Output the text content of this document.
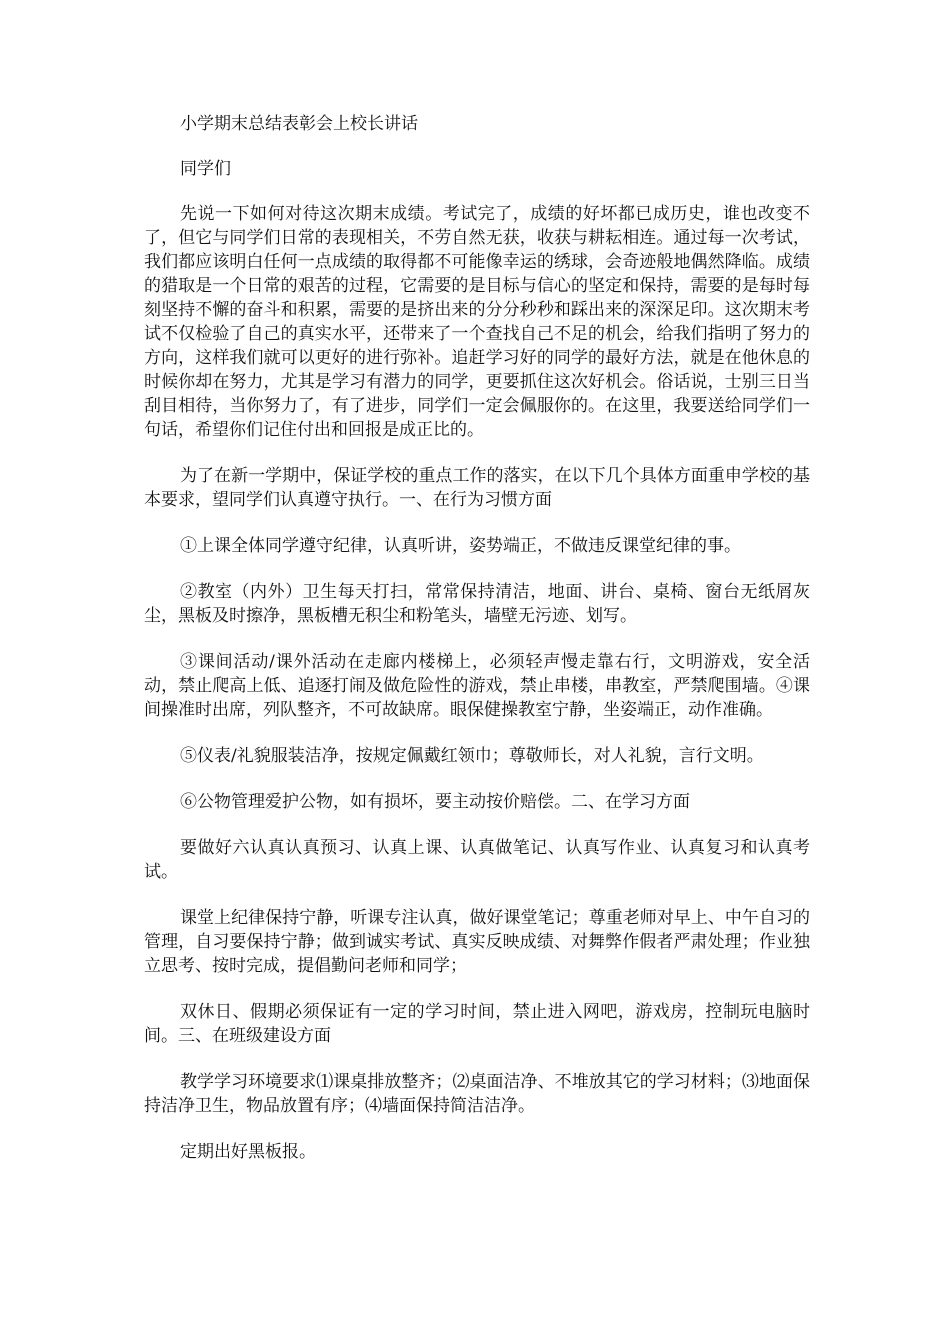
小学期末总结表彰会上校长讲话

同学们

先说一下如何对待这次期末成绩。考试完了，成绩的好坏都已成历史，谁也改变不了，但它与同学们日常的表现相关，不劳自然无获，收获与耕耘相连。通过每一次考试，我们都应该明白任何一点成绩的取得都不可能像幸运的绣球，会奇迹般地偶然降临。成绩的猎取是一个日常的艰苦的过程，它需要的是目标与信心的坚定和保持，需要的是每时每刻坚持不懈的奋斗和积累，需要的是挤出来的分分秒秒和踩出来的深深足印。这次期末考试不仅检验了自己的真实水平，还带来了一个查找自己不足的机会，给我们指明了努力的方向，这样我们就可以更好的进行弥补。追赶学习好的同学的最好方法，就是在他休息的时候你却在努力，尤其是学习有潜力的同学，更要抓住这次好机会。俗话说，士别三日当刮目相待，当你努力了，有了进步，同学们一定会佩服你的。在这里，我要送给同学们一句话，希望你们记住付出和回报是成正比的。

为了在新一学期中，保证学校的重点工作的落实，在以下几个具体方面重申学校的基本要求，望同学们认真遵守执行。一、在行为习惯方面

①上课全体同学遵守纪律，认真听讲，姿势端正，不做违反课堂纪律的事。

②教室（内外）卫生每天打扫，常常保持清洁，地面、讲台、桌椅、窗台无纸屑灰尘，黑板及时擦净，黑板槽无积尘和粉笔头，墙壁无污迹、划写。

③课间活动/课外活动在走廊内楼梯上，必须轻声慢走靠右行，文明游戏，安全活动，禁止爬高上低、追逐打闹及做危险性的游戏，禁止串楼，串教室，严禁爬围墙。④课间操准时出席，列队整齐，不可故缺席。眼保健操教室宁静，坐姿端正，动作准确。

⑤仪表/礼貌服装洁净，按规定佩戴红领巾；尊敬师长，对人礼貌，言行文明。

⑥公物管理爱护公物，如有损坏，要主动按价赔偿。二、在学习方面

要做好六认真认真预习、认真上课、认真做笔记、认真写作业、认真复习和认真考试。

课堂上纪律保持宁静，听课专注认真，做好课堂笔记；尊重老师对早上、中午自习的管理，自习要保持宁静；做到诚实考试、真实反映成绩、对舞弊作假者严肃处理；作业独立思考、按时完成，提倡勤问老师和同学；

双休日、假期必须保证有一定的学习时间，禁止进入网吧，游戏房，控制玩电脑时间。三、在班级建设方面

教学学习环境要求⑴课桌排放整齐；⑵桌面洁净、不堆放其它的学习材料；⑶地面保持洁净卫生，物品放置有序；⑷墙面保持简洁洁净。

定期出好黑板报。
